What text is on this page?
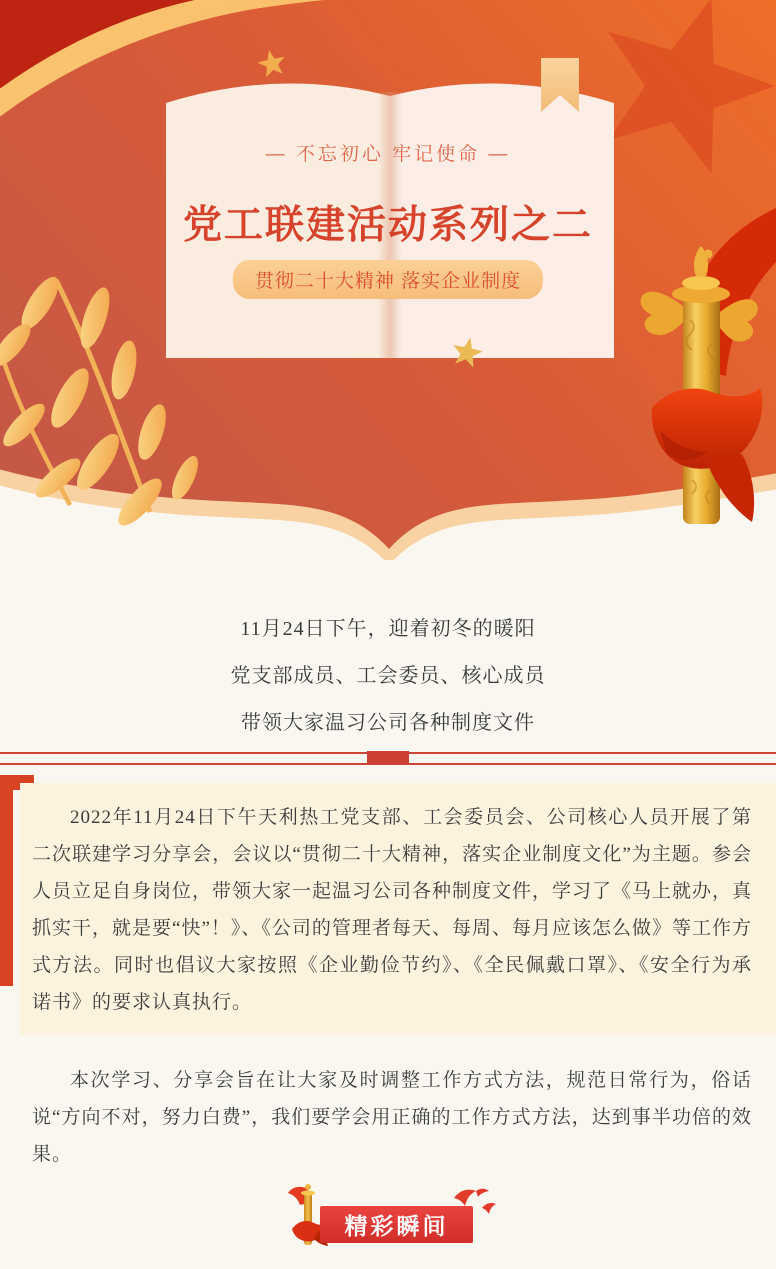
— 不忘初心 牢记使命 —
党工联建活动系列之二
贯彻二十大精神 落实企业制度
11月24日下午，迎着初冬的暖阳
党支部成员、工会委员、核心成员
带领大家温习公司各种制度文件

2022年11月24日下午天利热工党支部、工会委员会、公司核心人员开展了第二次联建学习分享会，会议以“贯彻二十大精神，落实企业制度文化”为主题。参会人员立足自身岗位，带领大家一起温习公司各种制度文件，学习了《马上就办，真抓实干，就是要“快”！》、《公司的管理者每天、每周、每月应该怎么做》等工作方式方法。同时也倡议大家按照《企业勤俭节约》、《全民佩戴口罩》、《安全行为承诺书》的要求认真执行。

本次学习、分享会旨在让大家及时调整工作方式方法，规范日常行为，俗话说“方向不对，努力白费”，我们要学会用正确的工作方式方法，达到事半功倍的效果。

精彩瞬间
